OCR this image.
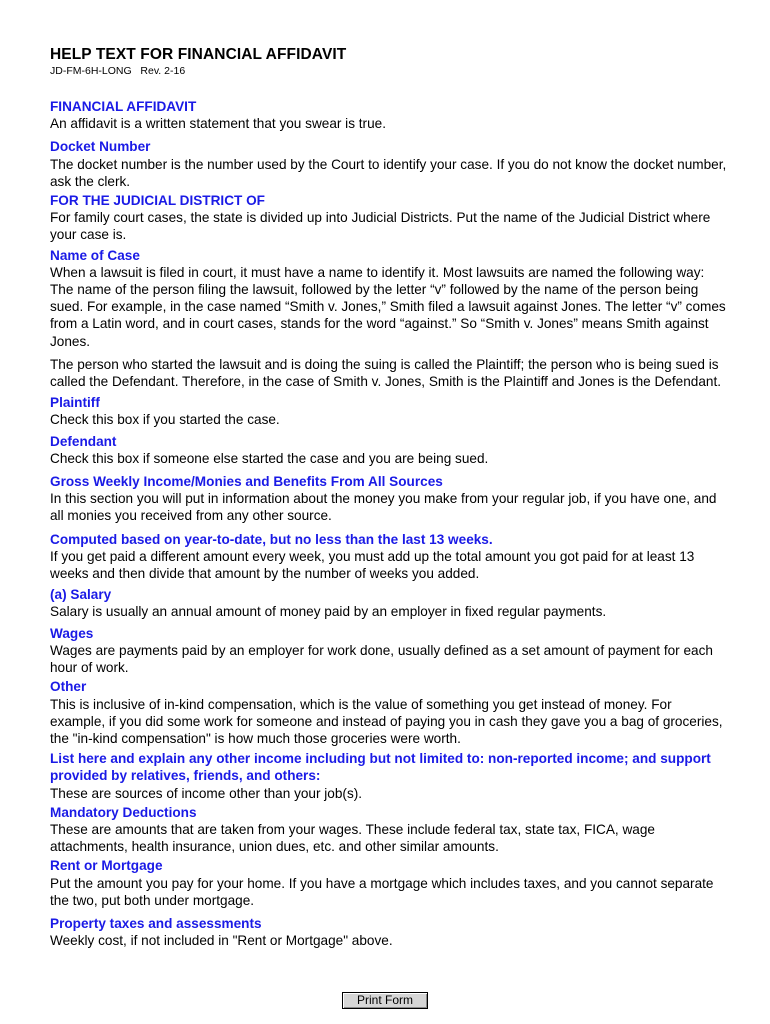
HELP TEXT FOR FINANCIAL AFFIDAVIT
JD-FM-6H-LONG   Rev. 2-16
FINANCIAL AFFIDAVIT

An affidavit is a written statement that you swear is true.

Docket Number

The docket number is the number used by the Court to identify your case. If you do not know the docket number, ask the clerk.

FOR THE JUDICIAL DISTRICT OF

For family court cases, the state is divided up into Judicial Districts. Put the name of the Judicial District where your case is.

Name of Case

When a lawsuit is filed in court, it must have a name to identify it. Most lawsuits are named the following way: The name of the person filing the lawsuit, followed by the letter “v” followed by the name of the person being sued. For example, in the case named “Smith v. Jones,” Smith filed a lawsuit against Jones. The letter “v” comes from a Latin word, and in court cases, stands for the word “against.” So “Smith v. Jones” means Smith against Jones.

The person who started the lawsuit and is doing the suing is called the Plaintiff; the person who is being sued is called the Defendant. Therefore, in the case of Smith v. Jones, Smith is the Plaintiff and Jones is the Defendant.

Plaintiff

Check this box if you started the case.

Defendant

Check this box if someone else started the case and you are being sued.

Gross Weekly Income/Monies and Benefits From All Sources

In this section you will put in information about the money you make from your regular job, if you have one, and all monies you received from any other source.

Computed based on year-to-date, but no less than the last 13 weeks.

If you get paid a different amount every week, you must add up the total amount you got paid for at least 13 weeks and then divide that amount by the number of weeks you added.

(a) Salary

Salary is usually an annual amount of money paid by an employer in fixed regular payments.

Wages

Wages are payments paid by an employer for work done, usually defined as a set amount of payment for each hour of work.

Other

This is inclusive of in-kind compensation, which is the value of something you get instead of money. For example, if you did some work for someone and instead of paying you in cash they gave you a bag of groceries, the "in-kind compensation" is how much those groceries were worth.

List here and explain any other income including but not limited to: non-reported income; and support provided by relatives, friends, and others:

These are sources of income other than your job(s).

Mandatory Deductions

These are amounts that are taken from your wages. These include federal tax, state tax, FICA, wage attachments, health insurance, union dues, etc. and other similar amounts.

Rent or Mortgage

Put the amount you pay for your home. If you have a mortgage which includes taxes, and you cannot separate the two, put both under mortgage.

Property taxes and assessments

Weekly cost, if not included in "Rent or Mortgage" above.

Print Form
